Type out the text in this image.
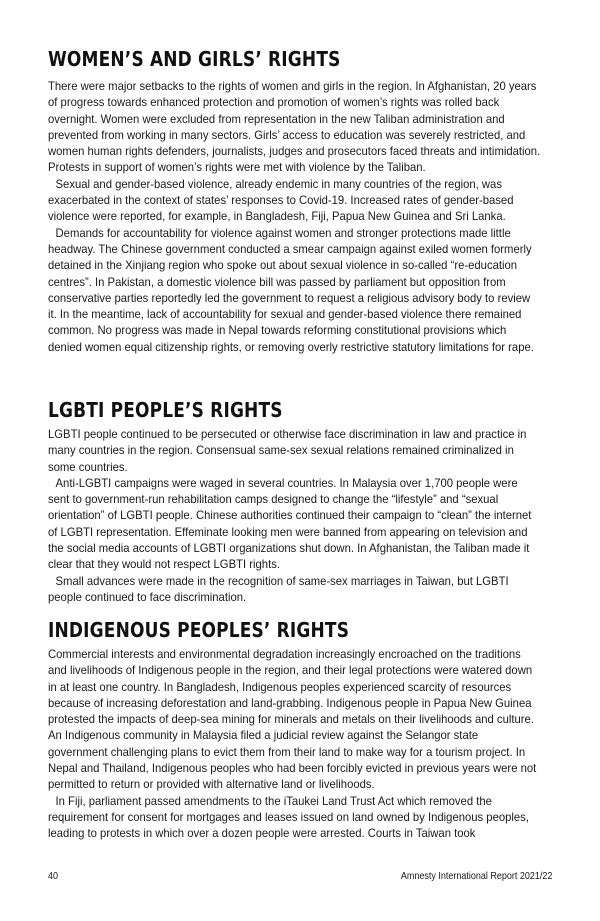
WOMEN’S AND GIRLS’ RIGHTS

There were major setbacks to the rights of women and girls in the region. In Afghanistan, 20 years of progress towards enhanced protection and promotion of women’s rights was rolled back overnight. Women were excluded from representation in the new Taliban administration and prevented from working in many sectors. Girls’ access to education was severely restricted, and women human rights defenders, journalists, judges and prosecutors faced threats and intimidation. Protests in support of women’s rights were met with violence by the Taliban.

Sexual and gender-based violence, already endemic in many countries of the region, was exacerbated in the context of states’ responses to Covid-19. Increased rates of gender-based violence were reported, for example, in Bangladesh, Fiji, Papua New Guinea and Sri Lanka.

Demands for accountability for violence against women and stronger protections made little headway. The Chinese government conducted a smear campaign against exiled women formerly detained in the Xinjiang region who spoke out about sexual violence in so-called “re-education centres”. In Pakistan, a domestic violence bill was passed by parliament but opposition from conservative parties reportedly led the government to request a religious advisory body to review it. In the meantime, lack of accountability for sexual and gender-based violence there remained common. No progress was made in Nepal towards reforming constitutional provisions which denied women equal citizenship rights, or removing overly restrictive statutory limitations for rape.

LGBTI PEOPLE’S RIGHTS

LGBTI people continued to be persecuted or otherwise face discrimination in law and practice in many countries in the region. Consensual same-sex sexual relations remained criminalized in some countries.

Anti-LGBTI campaigns were waged in several countries. In Malaysia over 1,700 people were sent to government-run rehabilitation camps designed to change the “lifestyle” and “sexual orientation” of LGBTI people. Chinese authorities continued their campaign to “clean” the internet of LGBTI representation. Effeminate looking men were banned from appearing on television and the social media accounts of LGBTI organizations shut down. In Afghanistan, the Taliban made it clear that they would not respect LGBTI rights.

Small advances were made in the recognition of same-sex marriages in Taiwan, but LGBTI people continued to face discrimination.

INDIGENOUS PEOPLES’ RIGHTS

Commercial interests and environmental degradation increasingly encroached on the traditions and livelihoods of Indigenous people in the region, and their legal protections were watered down in at least one country. In Bangladesh, Indigenous peoples experienced scarcity of resources because of increasing deforestation and land-grabbing. Indigenous people in Papua New Guinea protested the impacts of deep-sea mining for minerals and metals on their livelihoods and culture. An Indigenous community in Malaysia filed a judicial review against the Selangor state government challenging plans to evict them from their land to make way for a tourism project. In Nepal and Thailand, Indigenous peoples who had been forcibly evicted in previous years were not permitted to return or provided with alternative land or livelihoods.

In Fiji, parliament passed amendments to the iTaukei Land Trust Act which removed the requirement for consent for mortgages and leases issued on land owned by Indigenous peoples, leading to protests in which over a dozen people were arrested. Courts in Taiwan took

40	Amnesty International Report 2021/22
